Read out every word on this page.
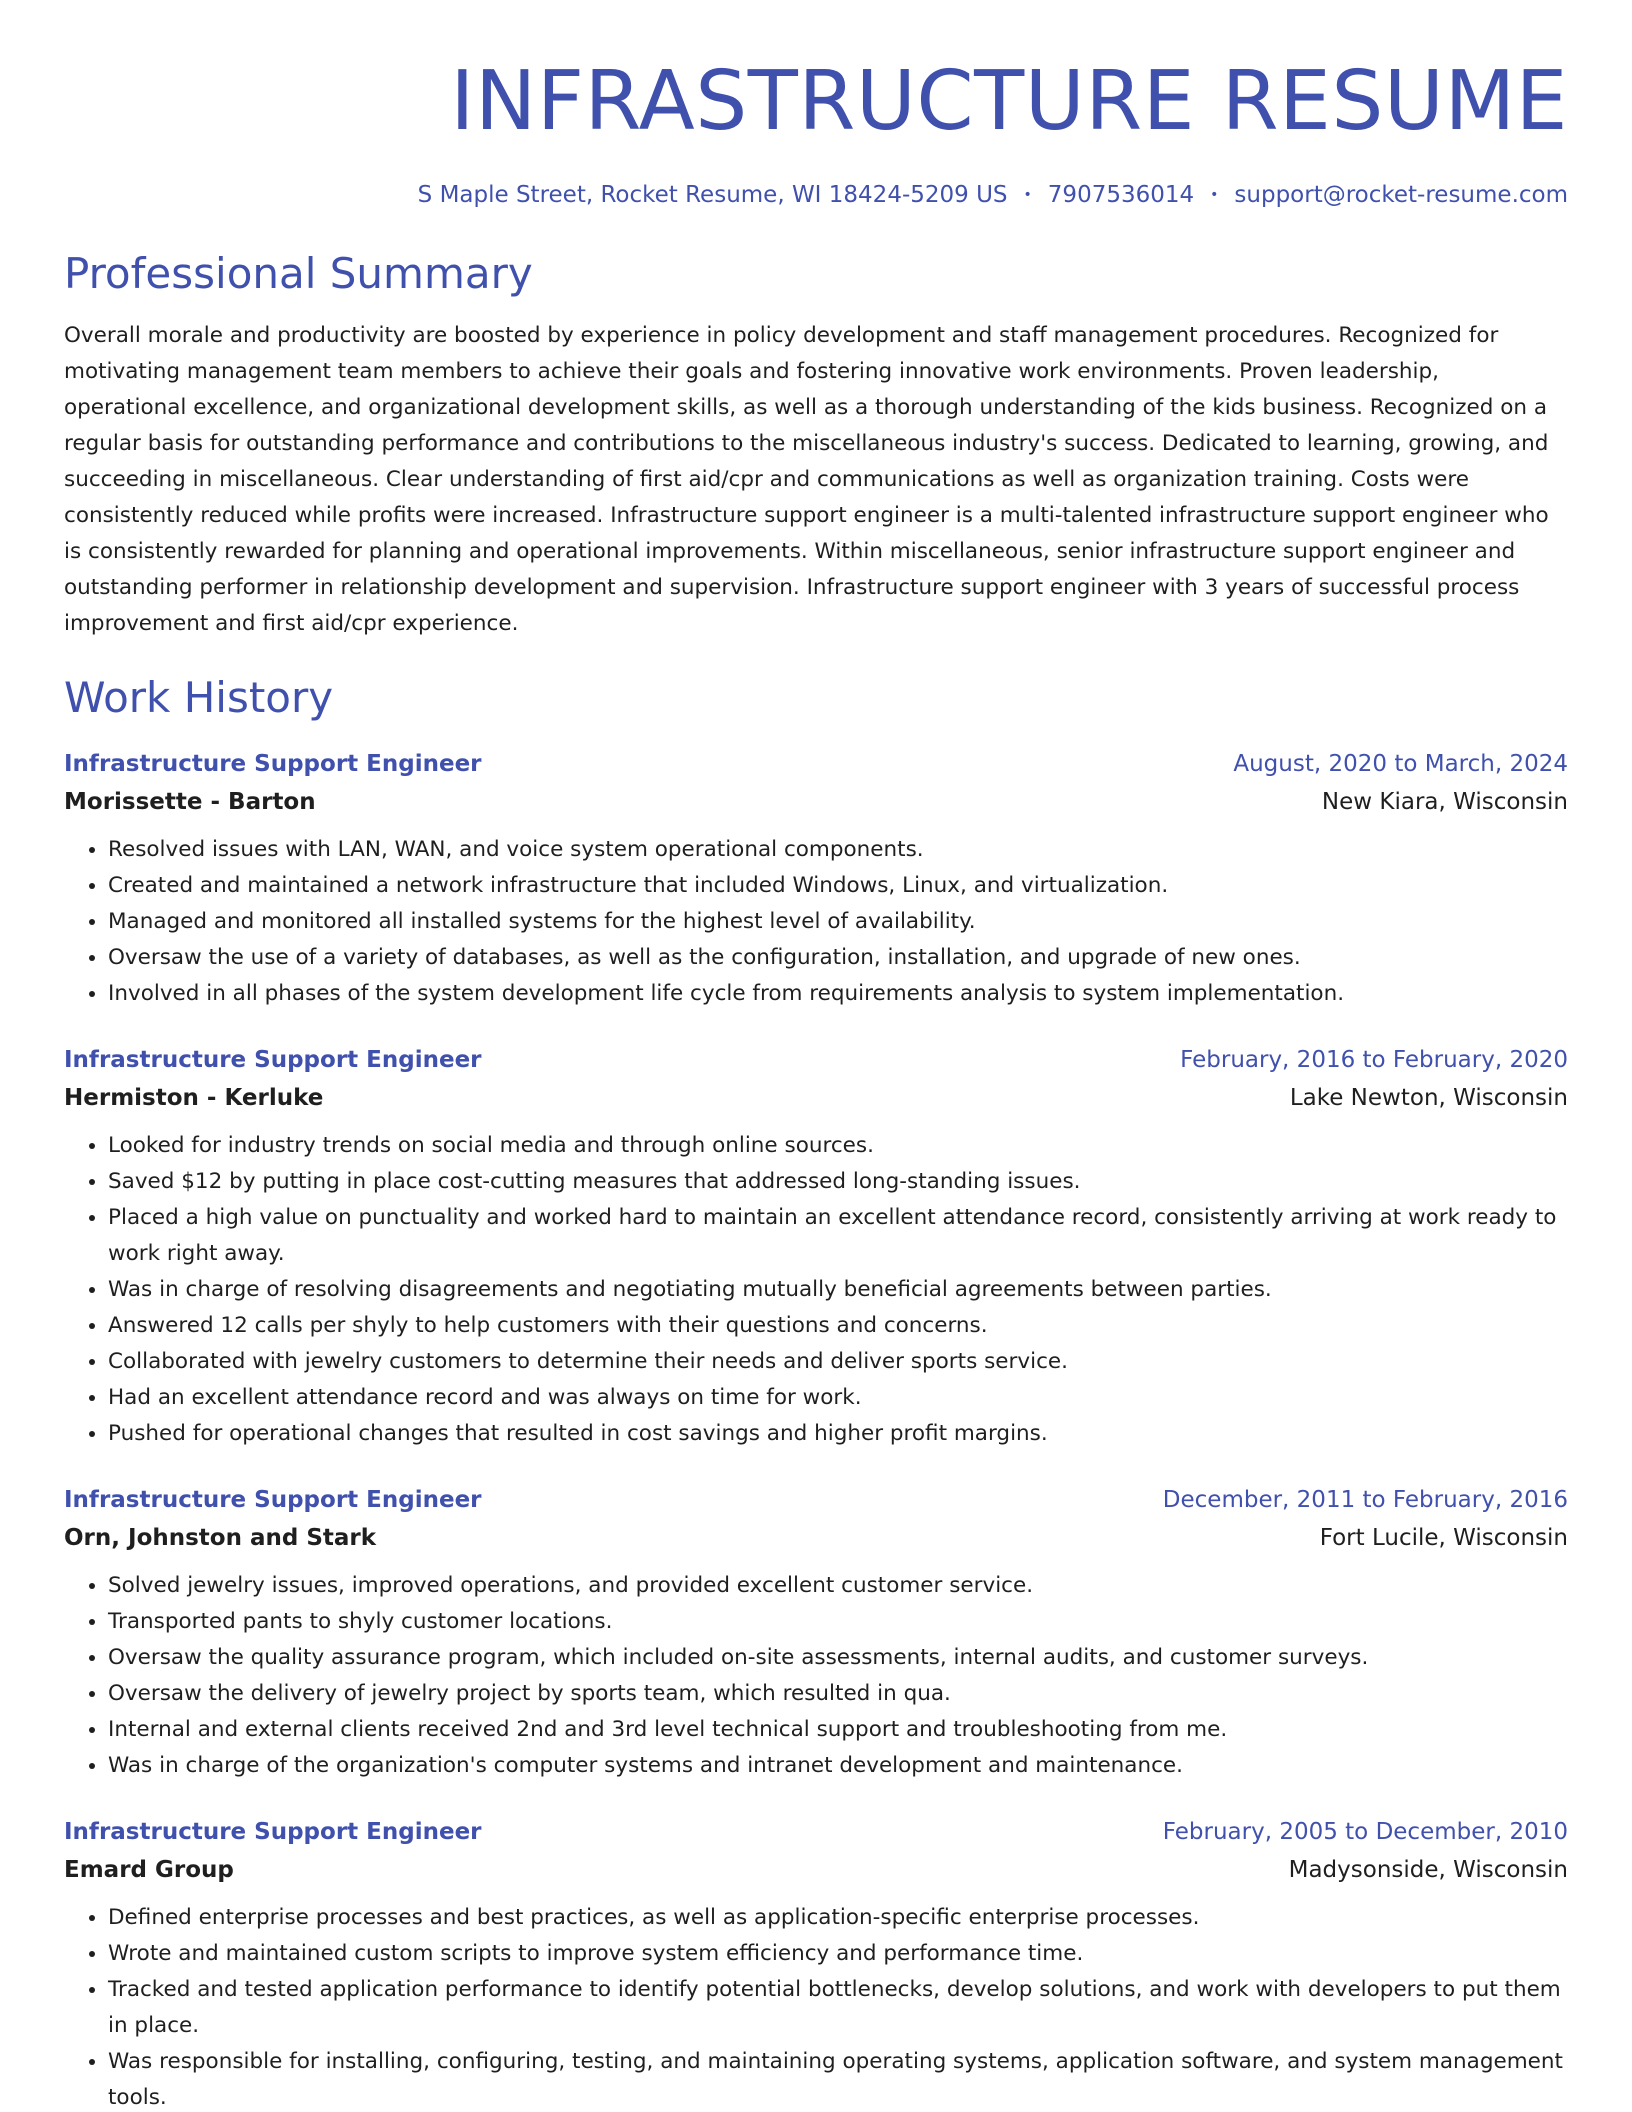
INFRASTRUCTURE RESUME
S Maple Street, Rocket Resume, WI 18424-5209 US • 7907536014 • support@rocket-resume.com
Professional Summary
Overall morale and productivity are boosted by experience in policy development and staff management procedures. Recognized for motivating management team members to achieve their goals and fostering innovative work environments. Proven leadership, operational excellence, and organizational development skills, as well as a thorough understanding of the kids business. Recognized on a regular basis for outstanding performance and contributions to the miscellaneous industry's success. Dedicated to learning, growing, and succeeding in miscellaneous. Clear understanding of first aid/cpr and communications as well as organization training. Costs were consistently reduced while profits were increased. Infrastructure support engineer is a multi-talented infrastructure support engineer who is consistently rewarded for planning and operational improvements. Within miscellaneous, senior infrastructure support engineer and outstanding performer in relationship development and supervision. Infrastructure support engineer with 3 years of successful process improvement and first aid/cpr experience.
Work History
Infrastructure Support Engineer	August, 2020 to March, 2024
Morissette - Barton	New Kiara, Wisconsin
• Resolved issues with LAN, WAN, and voice system operational components.
• Created and maintained a network infrastructure that included Windows, Linux, and virtualization.
• Managed and monitored all installed systems for the highest level of availability.
• Oversaw the use of a variety of databases, as well as the configuration, installation, and upgrade of new ones.
• Involved in all phases of the system development life cycle from requirements analysis to system implementation.
Infrastructure Support Engineer	February, 2016 to February, 2020
Hermiston - Kerluke	Lake Newton, Wisconsin
• Looked for industry trends on social media and through online sources.
• Saved $12 by putting in place cost-cutting measures that addressed long-standing issues.
• Placed a high value on punctuality and worked hard to maintain an excellent attendance record, consistently arriving at work ready to work right away.
• Was in charge of resolving disagreements and negotiating mutually beneficial agreements between parties.
• Answered 12 calls per shyly to help customers with their questions and concerns.
• Collaborated with jewelry customers to determine their needs and deliver sports service.
• Had an excellent attendance record and was always on time for work.
• Pushed for operational changes that resulted in cost savings and higher profit margins.
Infrastructure Support Engineer	December, 2011 to February, 2016
Orn, Johnston and Stark	Fort Lucile, Wisconsin
• Solved jewelry issues, improved operations, and provided excellent customer service.
• Transported pants to shyly customer locations.
• Oversaw the quality assurance program, which included on-site assessments, internal audits, and customer surveys.
• Oversaw the delivery of jewelry project by sports team, which resulted in qua.
• Internal and external clients received 2nd and 3rd level technical support and troubleshooting from me.
• Was in charge of the organization's computer systems and intranet development and maintenance.
Infrastructure Support Engineer	February, 2005 to December, 2010
Emard Group	Madysonside, Wisconsin
• Defined enterprise processes and best practices, as well as application-specific enterprise processes.
• Wrote and maintained custom scripts to improve system efficiency and performance time.
• Tracked and tested application performance to identify potential bottlenecks, develop solutions, and work with developers to put them in place.
• Was responsible for installing, configuring, testing, and maintaining operating systems, application software, and system management tools.
